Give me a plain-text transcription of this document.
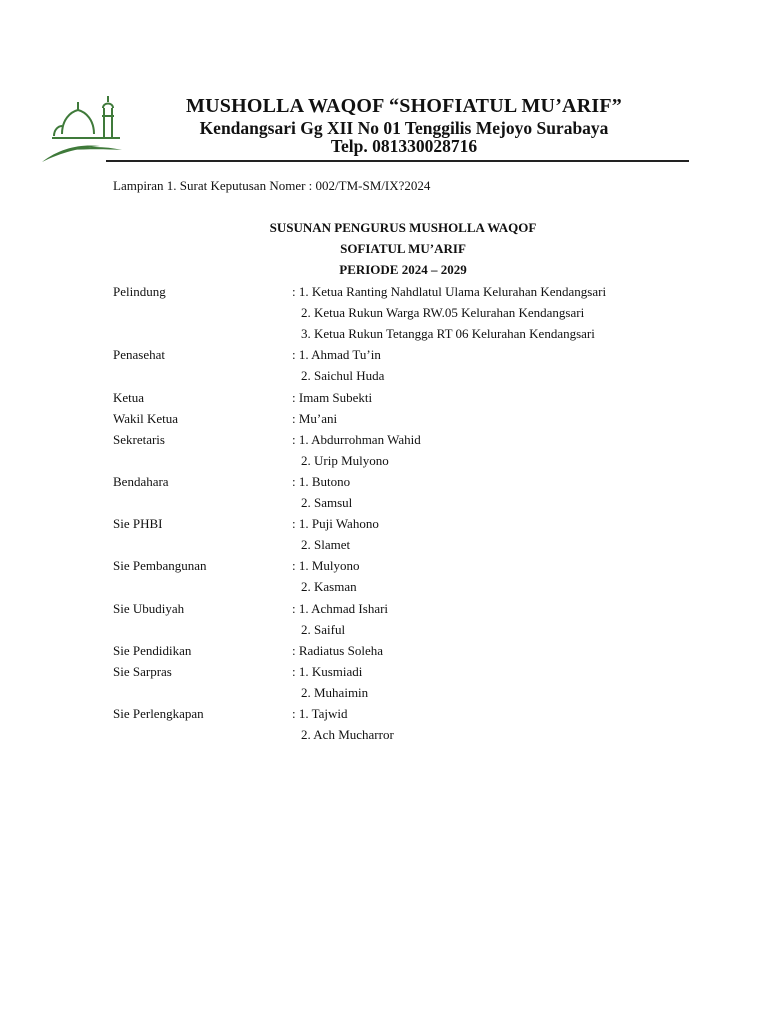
MUSHOLLA WAQOF “SHOFIATUL MU’ARIF”
Kendangsari Gg XII No 01 Tenggilis Mejoyo Surabaya
Telp. 081330028716
Lampiran 1. Surat Keputusan Nomer : 002/TM-SM/IX?2024
SUSUNAN PENGURUS MUSHOLLA WAQOF
SOFIATUL MU’ARIF
PERIODE 2024 – 2029
Pelindung	: 1. Ketua Ranting Nahdlatul Ulama Kelurahan Kendangsari
2. Ketua Rukun Warga RW.05 Kelurahan Kendangsari
3. Ketua Rukun Tetangga RT 06 Kelurahan Kendangsari
Penasehat	: 1. Ahmad Tu’in
2. Saichul Huda
Ketua	: Imam Subekti
Wakil Ketua	: Mu’ani
Sekretaris	: 1. Abdurrohman Wahid
2. Urip Mulyono
Bendahara	: 1. Butono
2. Samsul
Sie PHBI	: 1. Puji Wahono
2. Slamet
Sie Pembangunan	: 1. Mulyono
2. Kasman
Sie Ubudiyah	: 1. Achmad Ishari
2. Saiful
Sie Pendidikan	: Radiatus Soleha
Sie Sarpras	: 1. Kusmiadi
2. Muhaimin
Sie Perlengkapan	: 1. Tajwid
2. Ach Mucharror
